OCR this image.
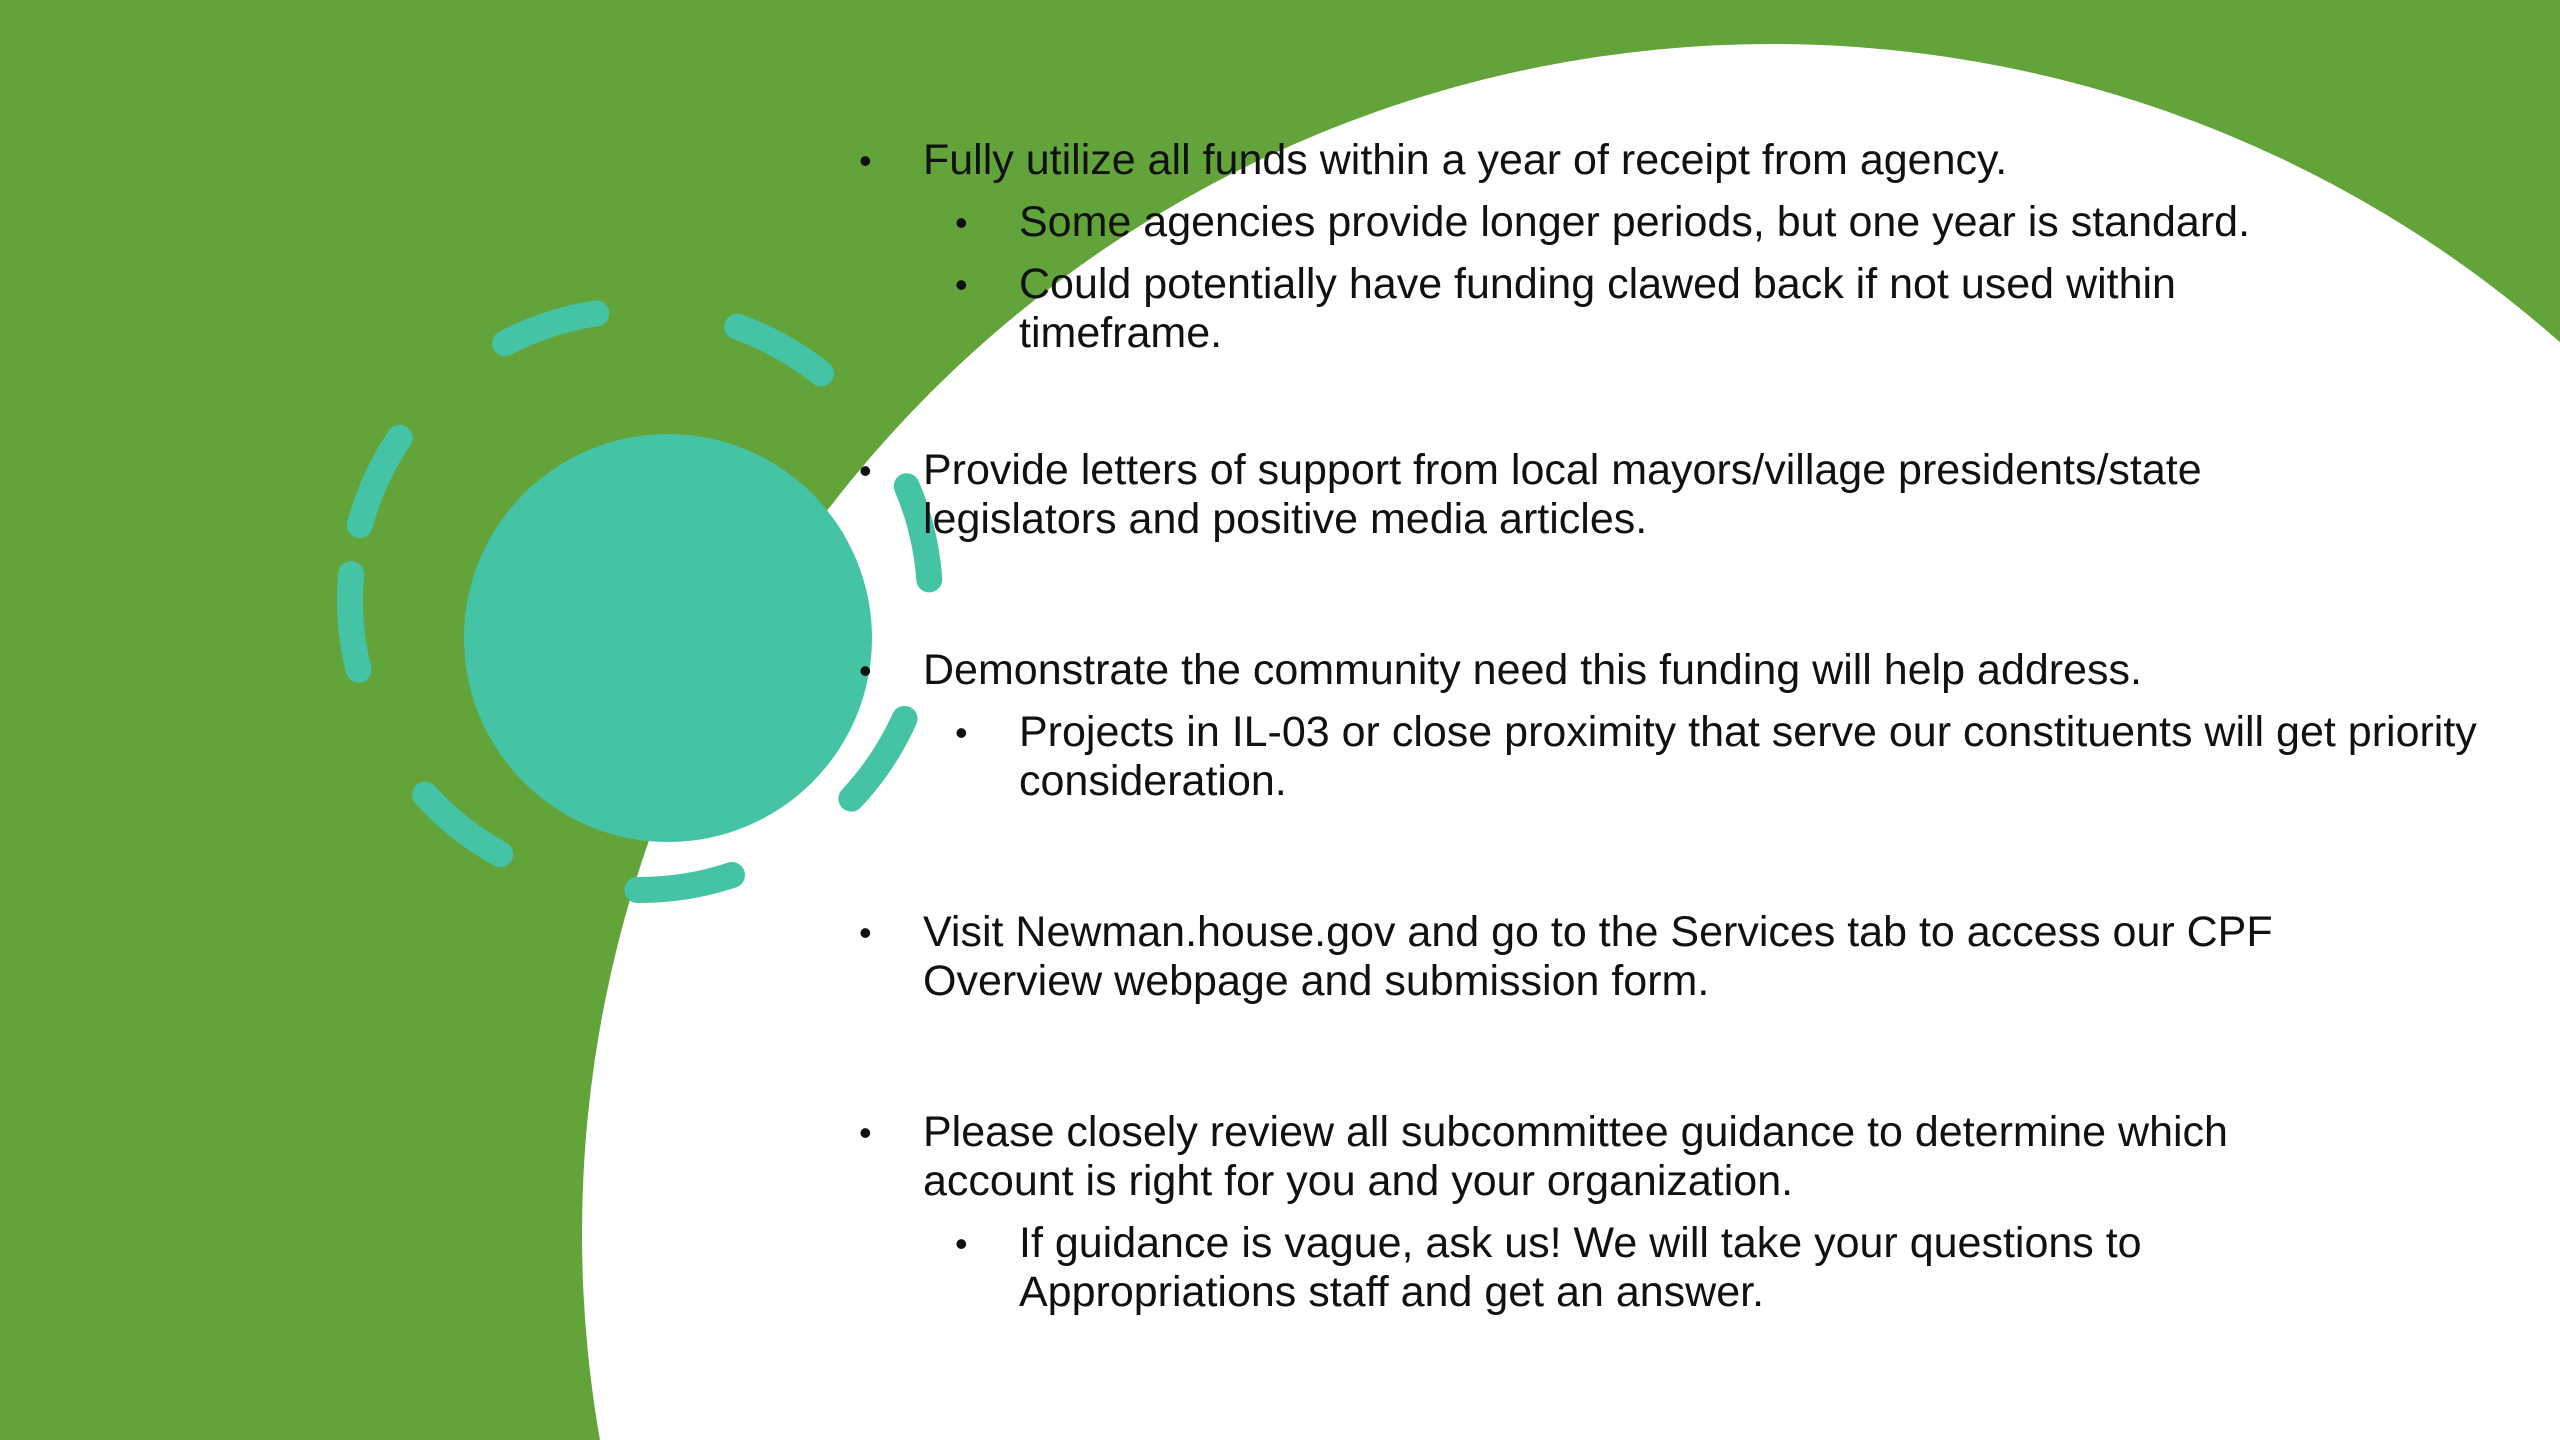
• Fully utilize all funds within a year of receipt from agency.
• Some agencies provide longer periods, but one year is standard.
• Could potentially have funding clawed back if not used within timeframe.
• Provide letters of support from local mayors/village presidents/state legislators and positive media articles.
• Demonstrate the community need this funding will help address.
• Projects in IL-03 or close proximity that serve our constituents will get priority consideration.
• Visit Newman.house.gov and go to the Services tab to access our CPF Overview webpage and submission form.
• Please closely review all subcommittee guidance to determine which account is right for you and your organization.
• If guidance is vague, ask us! We will take your questions to Appropriations staff and get an answer.
